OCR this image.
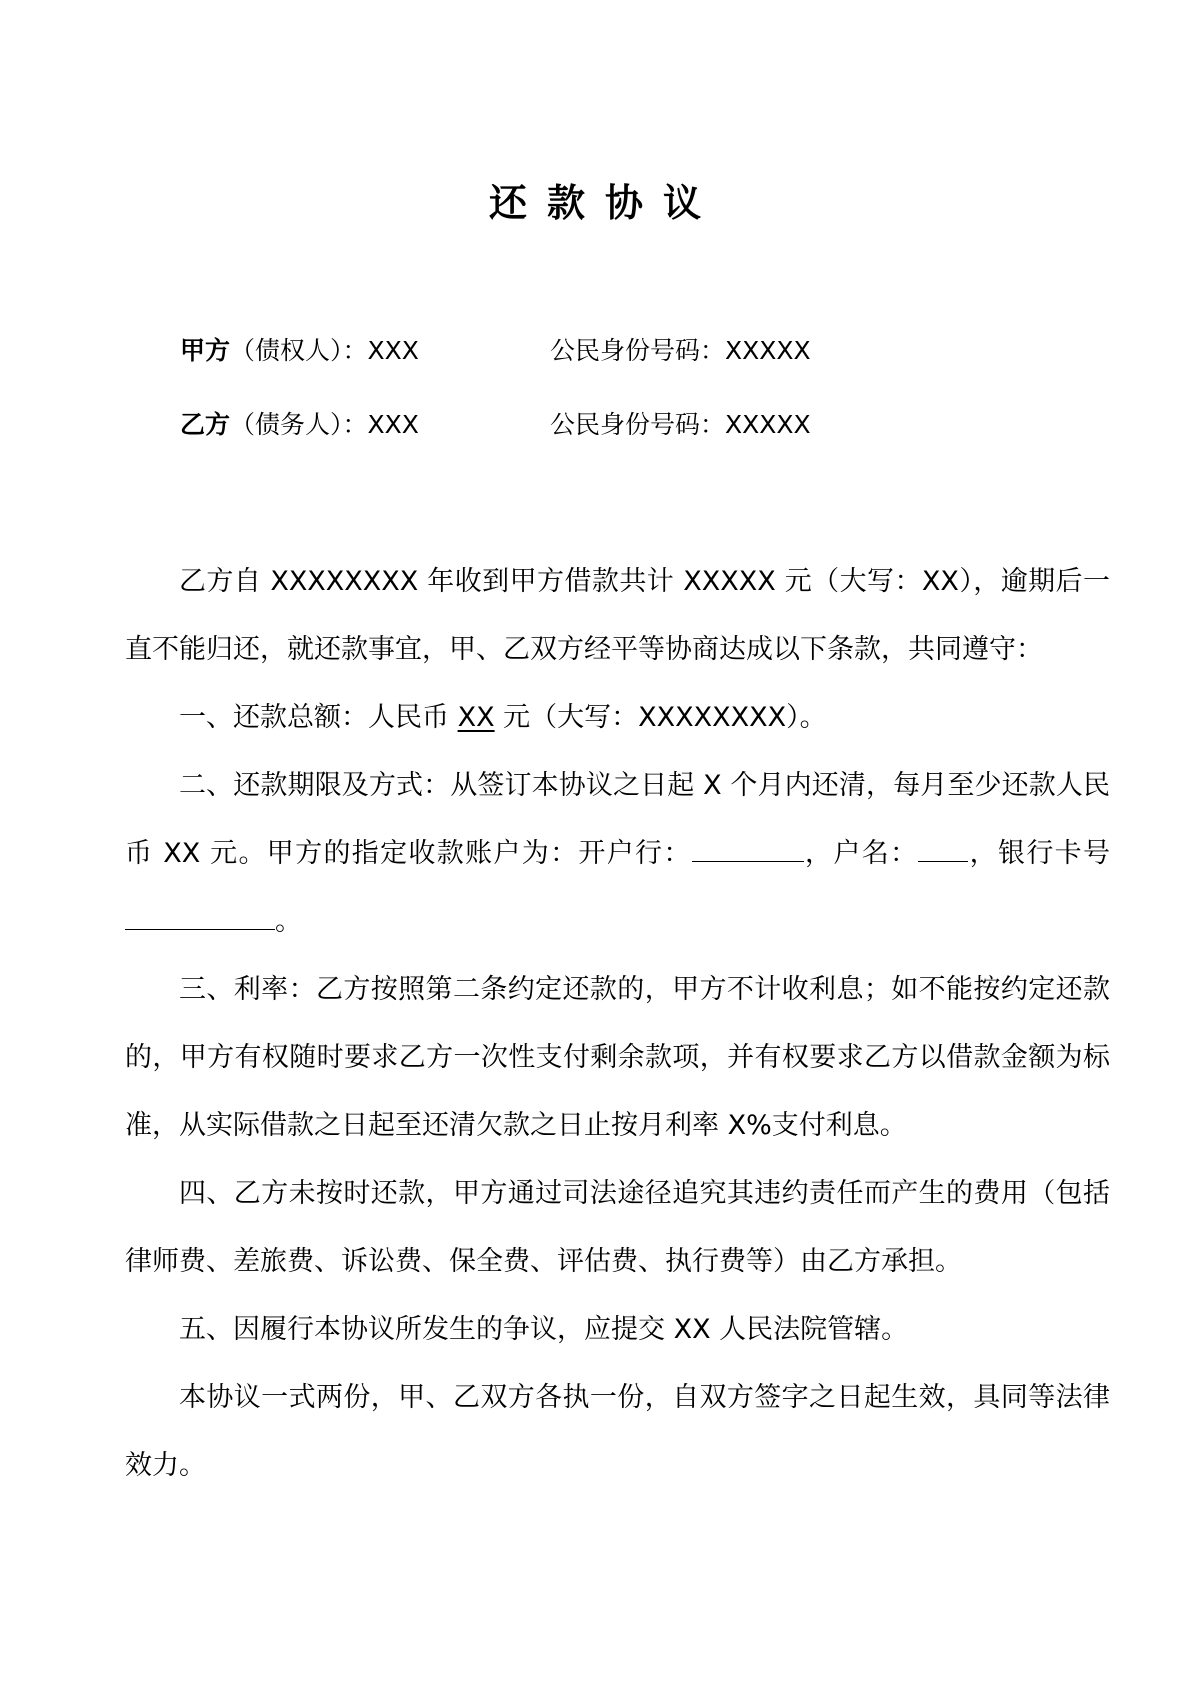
还款协议
甲方（债权人）：XXX	公民身份号码：XXXXX
乙方（债务人）：XXX	公民身份号码：XXXXX

乙方自 XXXXXXXX 年收到甲方借款共计 XXXXX 元（大写：XX），逾期后一直不能归还，就还款事宜，甲、乙双方经平等协商达成以下条款，共同遵守：

一、还款总额：人民币 XX 元（大写：XXXXXXXX）。

二、还款期限及方式：从签订本协议之日起 X 个月内还清，每月至少还款人民币 XX 元。甲方的指定收款账户为：开户行：	，户名： ，银行卡号。

三、利率：乙方按照第二条约定还款的，甲方不计收利息；如不能按约定还款的，甲方有权随时要求乙方一次性支付剩余款项，并有权要求乙方以借款金额为标准，从实际借款之日起至还清欠款之日止按月利率 X%支付利息。

四、乙方未按时还款，甲方通过司法途径追究其违约责任而产生的费用（包括律师费、差旅费、诉讼费、保全费、评估费、执行费等）由乙方承担。

五、因履行本协议所发生的争议，应提交 XX 人民法院管辖。

本协议一式两份，甲、乙双方各执一份，自双方签字之日起生效，具同等法律效力。
